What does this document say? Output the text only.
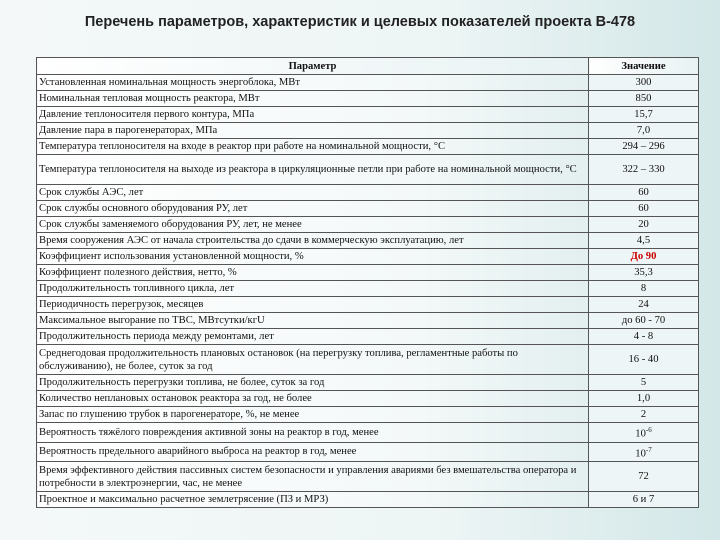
Перечень параметров, характеристик и целевых показателей проекта В-478
Параметр	Значение
Установленная номинальная мощность энергоблока, МВт	300
Номинальная тепловая мощность реактора, МВт	850
Давление теплоносителя первого контура, МПа	15,7
Давление пара в парогенераторах, МПа	7,0
Температура теплоносителя на входе в реактор при работе на номинальной мощности, °С	294 – 296
Температура теплоносителя на выходе из реактора в циркуляционные петли при работе на номинальной мощности, °С	322 – 330
Срок службы АЭС, лет	60
Срок службы основного оборудования РУ, лет	60
Срок службы заменяемого оборудования РУ, лет, не менее	20
Время сооружения АЭС от начала строительства до сдачи в коммерческую эксплуатацию, лет	4,5
Коэффициент использования установленной мощности, %	До 90
Коэффициент полезного действия, нетто, %	35,3
Продолжительность топливного цикла, лет	8
Периодичность перегрузок, месяцев	24
Максимальное выгорание по ТВС, МВтсутки/кгU	до 60 - 70
Продолжительность периода между ремонтами, лет	4 - 8
Среднегодовая продолжительность плановых остановок (на перегрузку топлива, регламентные работы по обслуживанию), не более, суток за год	16 - 40
Продолжительность перегрузки топлива, не более, суток за год	5
Количество неплановых остановок реактора за год, не более	1,0
Запас по глушению трубок в парогенераторе, %, не менее	2
Вероятность тяжёлого повреждения активной зоны на реактор в год, менее	$10^{-6}$
Вероятность предельного аварийного выброса на реактор в год, менее	$10^{-7}$
Время эффективного действия пассивных систем безопасности и управления авариями без вмешательства оператора и потребности в электроэнергии, час, не менее	72
Проектное и максимально расчетное землетрясение (ПЗ и МРЗ)	6 и 7
